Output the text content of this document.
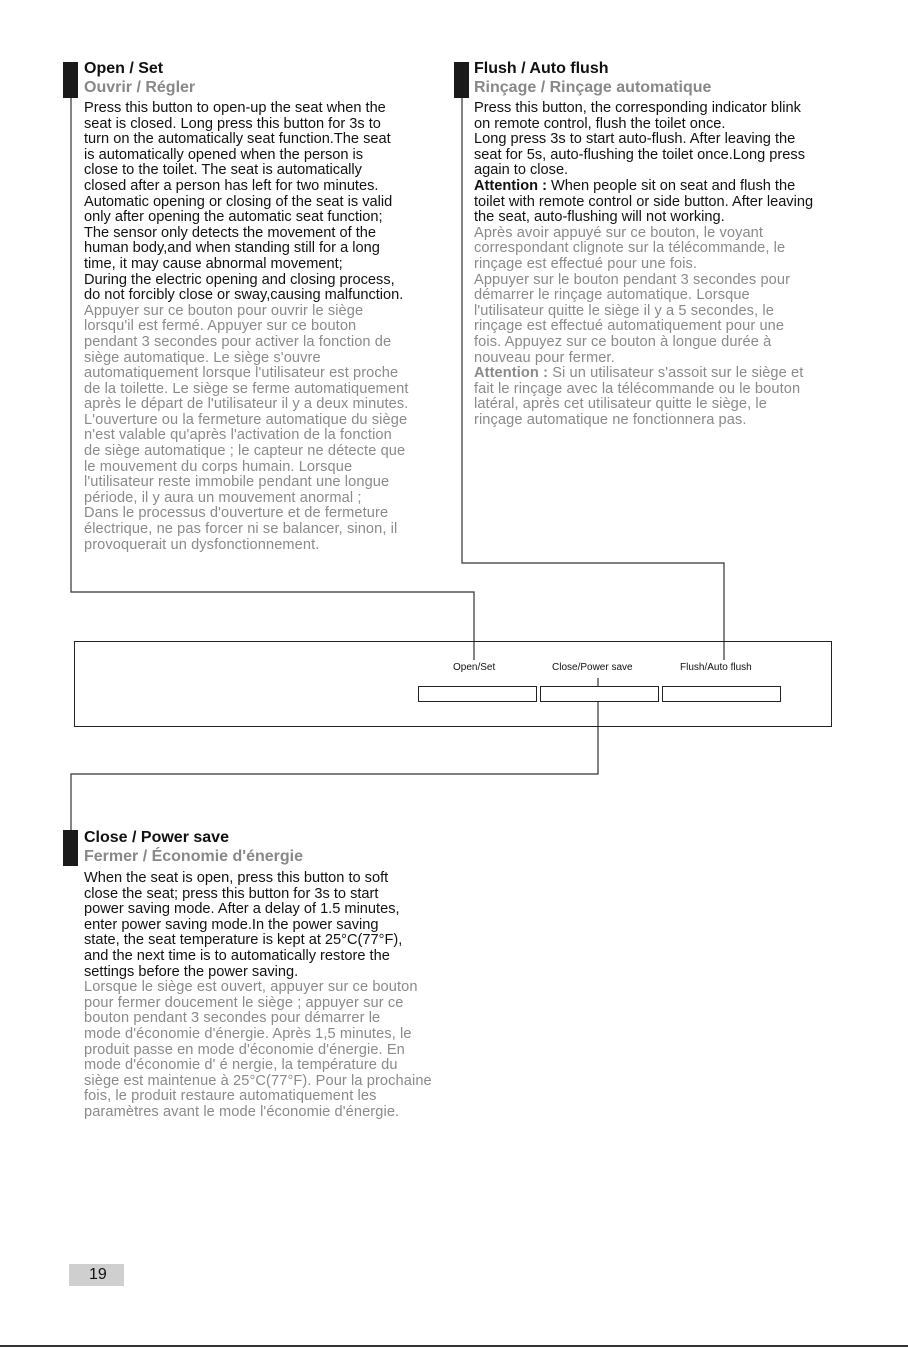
Open / Set
Ouvrir / Régler

Press this button to open-up the seat when the
seat is closed. Long press this button for 3s to
turn on the automatically seat function.The seat
is automatically opened when the person is
close to the toilet. The seat is automatically
closed after a person has left for two minutes.
Automatic opening or closing of the seat is valid
only after opening the automatic seat function;
The sensor only detects the movement of the
human body,and when standing still for a long
time, it may cause abnormal movement;
During the electric opening and closing process,
do not forcibly close or sway,causing malfunction.

Appuyer sur ce bouton pour ouvrir le siège
lorsqu'il est fermé. Appuyer sur ce bouton
pendant 3 secondes pour activer la fonction de
siège automatique. Le siège s'ouvre
automatiquement lorsque l'utilisateur est proche
de la toilette. Le siège se ferme automatiquement
après le départ de l'utilisateur il y a deux minutes.
L'ouverture ou la fermeture automatique du siège
n'est valable qu'après l'activation de la fonction
de siège automatique ; le capteur ne détecte que
le mouvement du corps humain. Lorsque
l'utilisateur reste immobile pendant une longue
période, il y aura un mouvement anormal ;
Dans le processus d'ouverture et de fermeture
électrique, ne pas forcer ni se balancer, sinon, il
provoquerait un dysfonctionnement.

Flush / Auto flush
Rinçage / Rinçage automatique

Press this button, the corresponding indicator blink
on remote control, flush the toilet once.
Long press 3s to start auto-flush. After leaving the
seat for 5s, auto-flushing the toilet once.Long press
again to close.
Attention : When people sit on seat and flush the
toilet with remote control or side button. After leaving
the seat, auto-flushing will not working.

Après avoir appuyé sur ce bouton, le voyant
correspondant clignote sur la télécommande, le
rinçage est effectué pour une fois.
Appuyer sur le bouton pendant 3 secondes pour
démarrer le rinçage automatique. Lorsque
l'utilisateur quitte le siège il y a 5 secondes, le
rinçage est effectué automatiquement pour une
fois. Appuyez sur ce bouton à longue durée à
nouveau pour fermer.
Attention : Si un utilisateur s'assoit sur le siège et
fait le rinçage avec la télécommande ou le bouton
latéral, après cet utilisateur quitte le siège, le
rinçage automatique ne fonctionnera pas.

Open/Set	Close/Power save	Flush/Auto flush
Close / Power save
Fermer / Économie d'énergie

When the seat is open, press this button to soft
close the seat; press this button for 3s to start
power saving mode. After a delay of 1.5 minutes,
enter power saving mode.In the power saving
state, the seat temperature is kept at 25°C(77°F),
and the next time is to automatically restore the
settings before the power saving.

Lorsque le siège est ouvert, appuyer sur ce bouton
pour fermer doucement le siège ; appuyer sur ce
bouton pendant 3 secondes pour démarrer le
mode d'économie d'énergie. Après 1,5 minutes, le
produit passe en mode d'économie d'énergie. En
mode d'économie d' é nergie, la température du
siège est maintenue à 25°C(77°F). Pour la prochaine
fois, le produit restaure automatiquement les
paramètres avant le mode l'économie d'énergie.

19
